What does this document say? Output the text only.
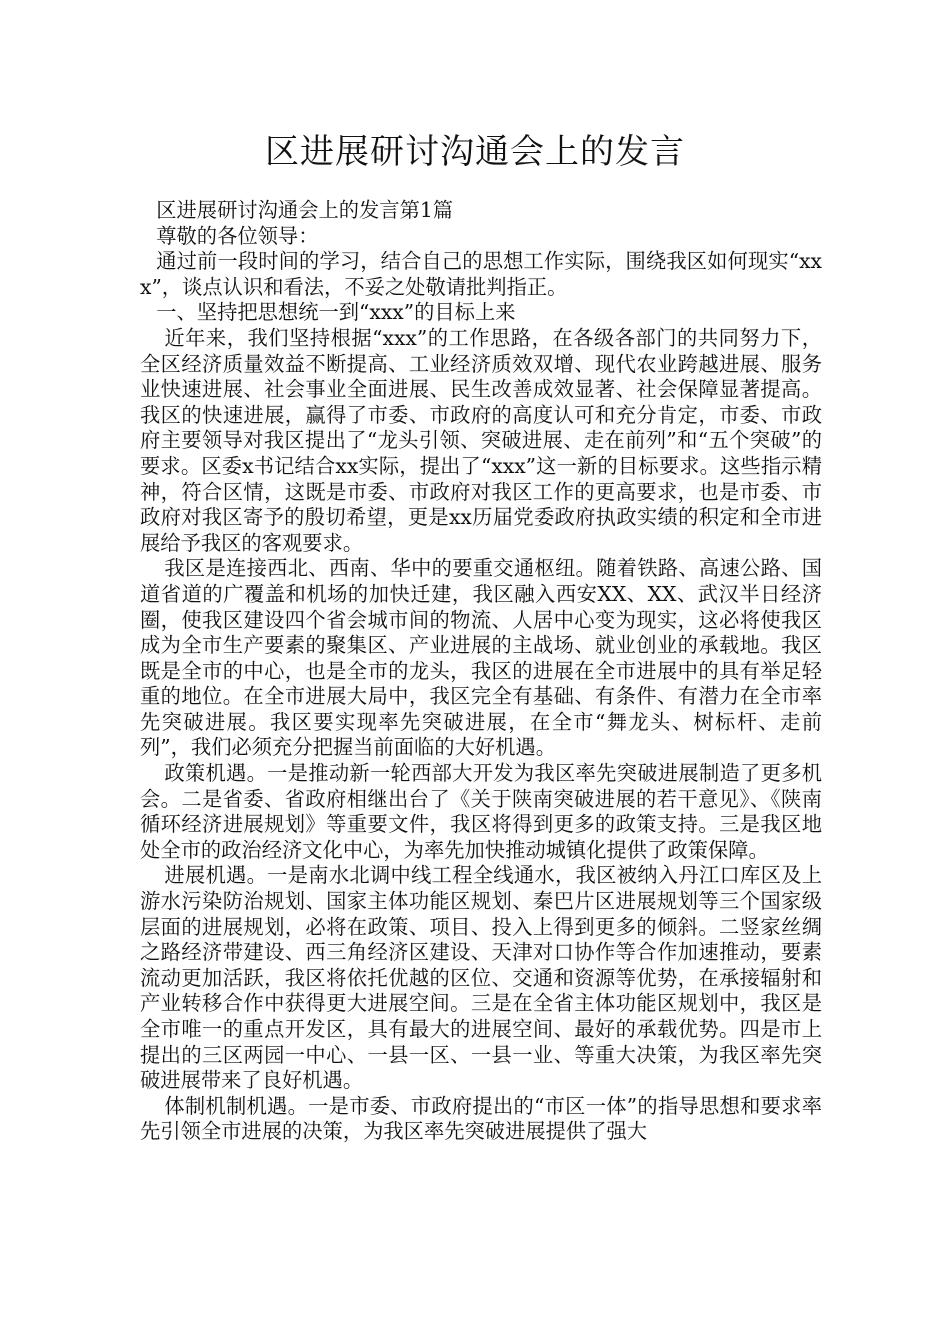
区进展研讨沟通会上的发言

区进展研讨沟通会上的发言第1篇

尊敬的各位领导：

通过前一段时间的学习，结合自己的思想工作实际，围绕我区如何现实“xxx”，谈点认识和看法，不妥之处敬请批判指正。

一、坚持把思想统一到“xxx”的目标上来

近年来，我们坚持根据“xxx”的工作思路，在各级各部门的共同努力下，全区经济质量效益不断提高、工业经济质效双增、现代农业跨越进展、服务业快速进展、社会事业全面进展、民生改善成效显著、社会保障显著提高。我区的快速进展，赢得了市委、市政府的高度认可和充分肯定，市委、市政府主要领导对我区提出了“龙头引领、突破进展、走在前列”和“五个突破”的要求。区委x书记结合xx实际，提出了“xxx”这一新的目标要求。这些指示精神，符合区情，这既是市委、市政府对我区工作的更高要求，也是市委、市政府对我区寄予的殷切希望，更是xx历届党委政府执政实绩的积定和全市进展给予我区的客观要求。

我区是连接西北、西南、华中的要重交通枢纽。随着铁路、高速公路、国道省道的广覆盖和机场的加快迁建，我区融入西安XX、XX、武汉半日经济圈，使我区建设四个省会城市间的物流、人居中心变为现实，这必将使我区成为全市生产要素的聚集区、产业进展的主战场、就业创业的承载地。我区既是全市的中心，也是全市的龙头，我区的进展在全市进展中的具有举足轻重的地位。在全市进展大局中，我区完全有基础、有条件、有潜力在全市率先突破进展。我区要实现率先突破进展，在全市“舞龙头、树标杆、走前列”，我们必须充分把握当前面临的大好机遇。

政策机遇。一是推动新一轮西部大开发为我区率先突破进展制造了更多机会。二是省委、省政府相继出台了《关于陕南突破进展的若干意见》、《陕南循环经济进展规划》等重要文件，我区将得到更多的政策支持。三是我区地处全市的政治经济文化中心，为率先加快推动城镇化提供了政策保障。

进展机遇。一是南水北调中线工程全线通水，我区被纳入丹江口库区及上游水污染防治规划、国家主体功能区规划、秦巴片区进展规划等三个国家级层面的进展规划，必将在政策、项目、投入上得到更多的倾斜。二竖家丝绸之路经济带建设、西三角经济区建设、天津对口协作等合作加速推动，要素流动更加活跃，我区将依托优越的区位、交通和资源等优势，在承接辐射和产业转移合作中获得更大进展空间。三是在全省主体功能区规划中，我区是全市唯一的重点开发区，具有最大的进展空间、最好的承载优势。四是市上提出的三区两园一中心、一县一区、一县一业、等重大决策，为我区率先突破进展带来了良好机遇。

体制机制机遇。一是市委、市政府提出的“市区一体”的指导思想和要求率先引领全市进展的决策，为我区率先突破进展提供了强大
